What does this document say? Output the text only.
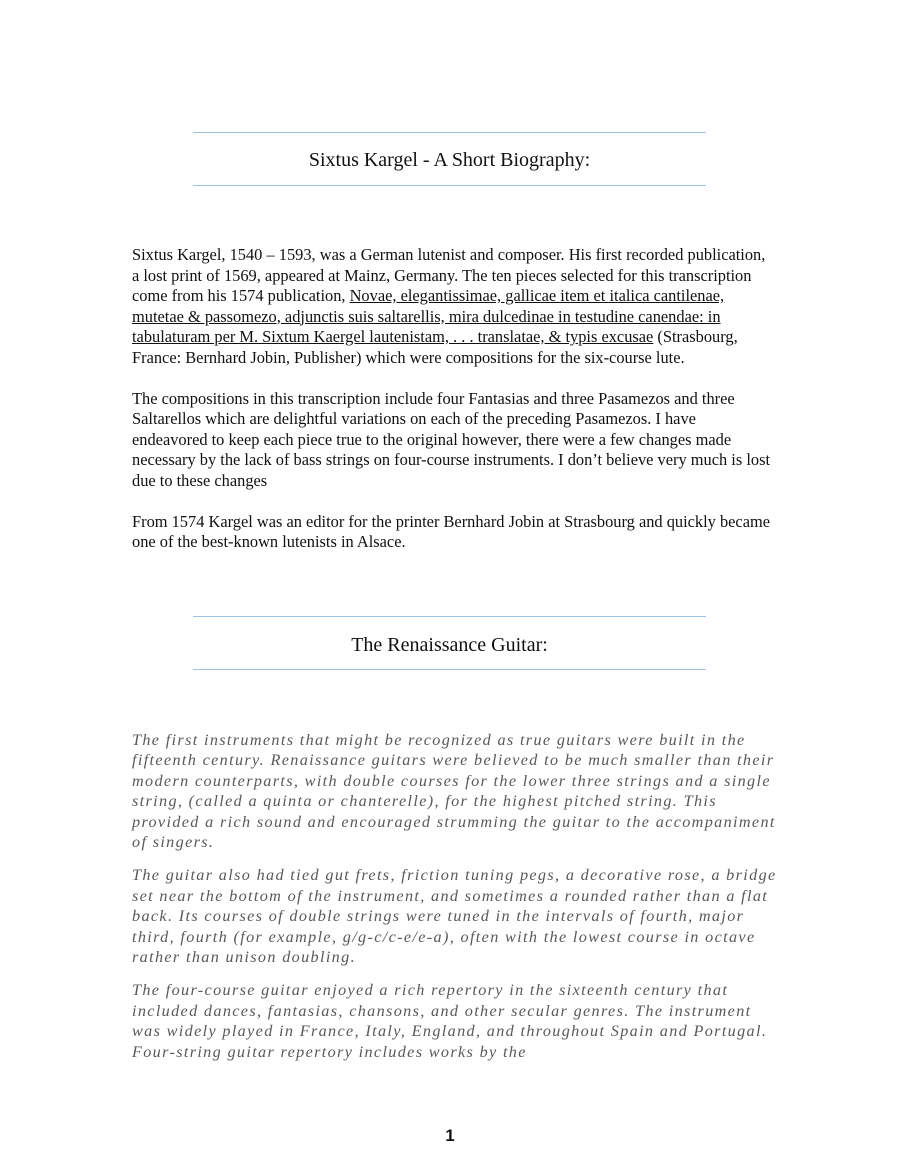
Sixtus Kargel - A Short Biography:

Sixtus Kargel, 1540 – 1593, was a German lutenist and composer. His first recorded publication, a lost print of 1569, appeared at Mainz, Germany. The ten pieces selected for this transcription come from his 1574 publication, Novae, elegantissimae, gallicae item et italica cantilenae, mutetae & passomezo, adjunctis suis saltarellis, mira dulcedinae in testudine canendae: in tabulaturam per M. Sixtum Kaergel lautenistam, . . . translatae, & typis excusae (Strasbourg, France: Bernhard Jobin, Publisher) which were compositions for the six-course lute.

The compositions in this transcription include four Fantasias and three Pasamezos and three Saltarellos which are delightful variations on each of the preceding Pasamezos. I have endeavored to keep each piece true to the original however, there were a few changes made necessary by the lack of bass strings on four-course instruments. I don’t believe very much is lost due to these changes

From 1574 Kargel was an editor for the printer Bernhard Jobin at Strasbourg and quickly became one of the best-known lutenists in Alsace.

The Renaissance Guitar:

The first instruments that might be recognized as true guitars were built in the fifteenth century. Renaissance guitars were believed to be much smaller than their modern counterparts, with double courses for the lower three strings and a single string, (called a quinta or chanterelle), for the highest pitched string. This provided a rich sound and encouraged strumming the guitar to the accompaniment of singers.

The guitar also had tied gut frets, friction tuning pegs, a decorative rose, a bridge set near the bottom of the instrument, and sometimes a rounded rather than a flat back. Its courses of double strings were tuned in the intervals of fourth, major third, fourth (for example, g/g-c/c-e/e-a), often with the lowest course in octave rather than unison doubling.

The four-course guitar enjoyed a rich repertory in the sixteenth century that included dances, fantasias, chansons, and other secular genres. The instrument was widely played in France, Italy, England, and throughout Spain and Portugal. Four-string guitar repertory includes works by the

1
